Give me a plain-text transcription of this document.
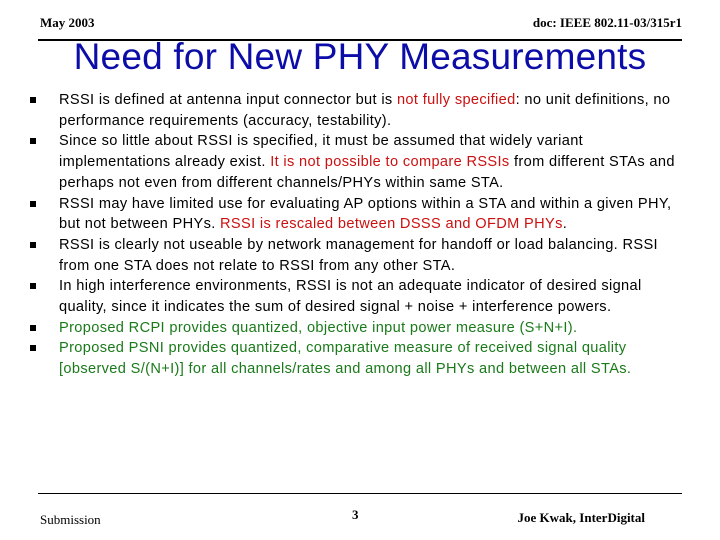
May 2003	doc: IEEE 802.11-03/315r1
Need for New PHY Measurements
RSSI is defined at antenna input connector but is not fully specified: no unit definitions, no performance requirements (accuracy, testability).
Since so little about RSSI is specified, it must be assumed that widely variant implementations already exist. It is not possible to compare RSSIs from different STAs and perhaps not even from different channels/PHYs within same STA.
RSSI may have limited use for evaluating AP options within a STA and within a given PHY, but not between PHYs. RSSI is rescaled between DSSS and OFDM PHYs.
RSSI is clearly not useable by network management for handoff or load balancing. RSSI from one STA does not relate to RSSI from any other STA.
In high interference environments, RSSI is not an adequate indicator of desired signal quality, since it indicates the sum of desired signal + noise + interference powers.
Proposed RCPI provides quantized, objective input power measure (S+N+I).
Proposed PSNI provides quantized, comparative measure of received signal quality [observed S/(N+I)] for all channels/rates and among all PHYs and between all STAs.
Submission	3	Joe Kwak, InterDigital
